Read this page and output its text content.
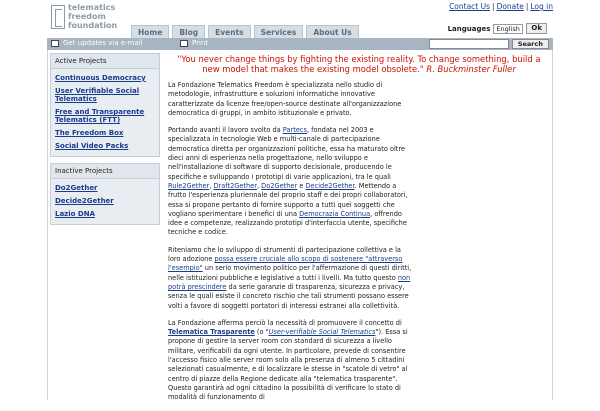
telematics
freedom
foundation
Home	Blog	Events	Services	About Us
Contact Us | Donate | Log in
Languages English	Ok
Get updates via e-mail	Print	Search
Active Projects
Continuous Democracy
User Verifiable Social Telematics
Free and Transparente Telematics (FTT)
The Freedom Box
Social Video Packs
Inactive Projects
Do2Gether
Decide2Gether
Lazio DNA
"You never change things by fighting the existing reality. To change something, build a new model that makes the existing model obsolete." R. Buckminster Fuller

La Fondazione Telematics Freedom è specializzata nello studio di metodologie, infrastrutture e soluzioni informatiche innovative caratterizzate da licenze free/open-source destinate all'organizzazione democratica di gruppi, in ambito istituzionale e privato.

Portando avanti il lavoro svolto da Partecs, fondata nel 2003 e specializzata in tecnologie Web e multi-canale di partecipazione democratica diretta per organizzazioni politiche, essa ha maturato oltre dieci anni di esperienza nella progettazione, nello sviluppo e nell'installazione di software di supporto decisionale, producendo le specifiche e sviluppando i prototipi di varie applicazioni, tra le quali Rule2Gether, Draft2Gether, Do2Gether e Decide2Gether. Mettendo a frutto l'esperienza pluriennale del proprio staff e dei propri collaboratori, essa si propone pertanto di fornire supporto a tutti quei soggetti che vogliano sperimentare i benefici di una Democrazia Continua, offrendo idee e competenze, realizzando prototipi d'interfaccia utente, specifiche tecniche e codice.

Riteniamo che lo sviluppo di strumenti di partecipazione collettiva e la loro adozione possa essere cruciale allo scopo di sostenere "attraverso l'esempio" un serio movimento politico per l'affermazione di questi diritti, nelle istituzioni pubbliche e legislative a tutti i livelli. Ma tutto questo non potrà prescindere da serie garanzie di trasparenza, sicurezza e privacy, senza le quali esiste il concreto rischio che tali strumenti possano essere volti a favore di soggetti portatori di interessi estranei alla collettività.

La Fondazione afferma perciò la necessità di promuovere il concetto di Telematica Trasparente (o "User-verifiable Social Telematics"). Essa si propone di gestire la server room con standard di sicurezza a livello militare, verificabili da ogni utente. In particolare, prevede di consentire l'accesso fisico alle server room solo alla presenza di almeno 5 cittadini selezionati casualmente, e di localizzare le stesse in "scatole di vetro" al centro di piazze della Regione dedicate alla "telematica trasparente". Questo garantirà ad ogni cittadino la possibilità di verificare lo stato di modalità di funzionamento di
